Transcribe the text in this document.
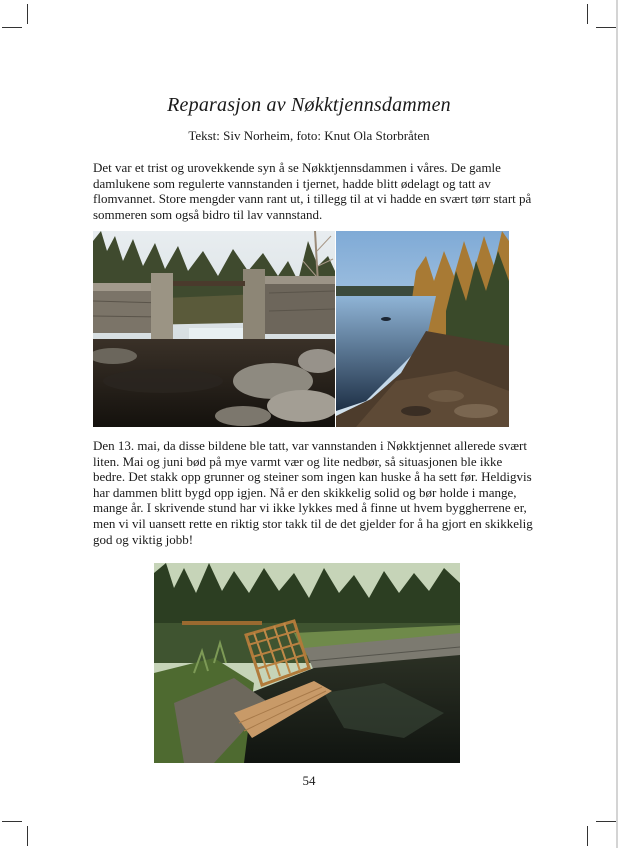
Reparasjon av Nøkktjennsdammen
Tekst: Siv Norheim, foto: Knut Ola Storbråten

Det var et trist og urovekkende syn å se Nøkktjennsdammen i våres. De gamle damlukene som regulerte vannstanden i tjernet, hadde blitt ødelagt og tatt av flomvannet. Store mengder vann rant ut, i tillegg til at vi hadde en svært tørr start på sommeren som også bidro til lav vannstand.

Den 13. mai, da disse bildene ble tatt, var vannstanden i Nøkktjennet allerede svært liten. Mai og juni bød på mye varmt vær og lite nedbør, så situasjonen ble ikke bedre. Det stakk opp grunner og steiner som ingen kan huske å ha sett før. Heldigvis har dammen blitt bygd opp igjen. Nå er den skikkelig solid og bør holde i mange, mange år. I skrivende stund har vi ikke lykkes med å finne ut hvem byggherrene er, men vi vil uansett rette en riktig stor takk til de det gjelder for å ha gjort en skikkelig god og viktig jobb!

54
